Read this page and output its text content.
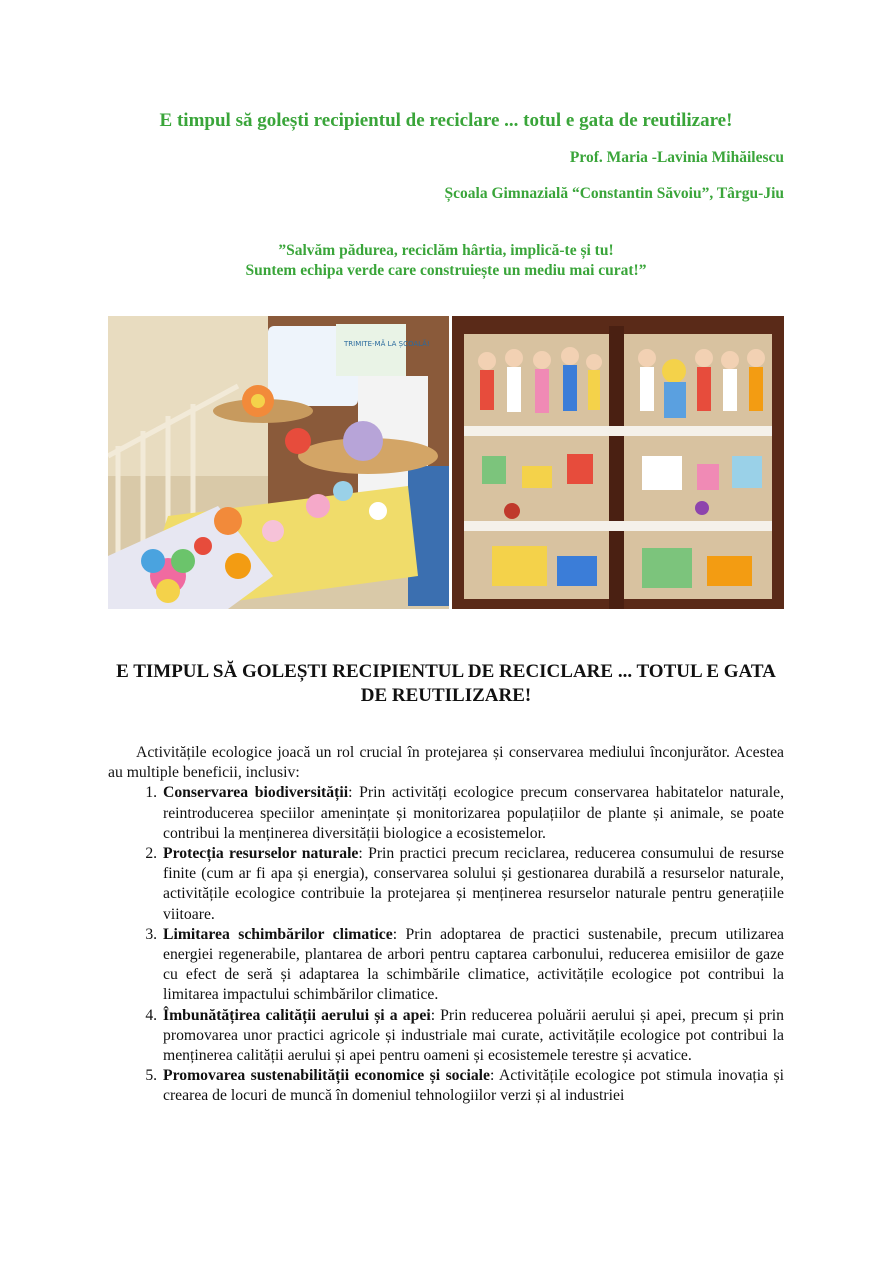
E timpul să golești recipientul de reciclare ... totul e gata de reutilizare!
Prof. Maria -Lavinia Mihăilescu
Școala Gimnazială “Constantin Săvoiu”, Târgu-Jiu
”Salvăm pădurea, reciclăm hârtia, implică-te și tu!
Suntem echipa verde care construiește un mediu mai curat!”
TRIMITE-MĂ LA ȘCOALĂ!
E TIMPUL SĂ GOLEȘTI RECIPIENTUL DE RECICLARE ... TOTUL E GATA DE REUTILIZARE!

Activitățile ecologice joacă un rol crucial în protejarea și conservarea mediului înconjurător. Acestea au multiple beneficii, inclusiv:

1. Conservarea biodiversității: Prin activități ecologice precum conservarea habitatelor naturale, reintroducerea speciilor amenințate și monitorizarea populațiilor de plante și animale, se poate contribui la menținerea diversității biologice a ecosistemelor.
2. Protecția resurselor naturale: Prin practici precum reciclarea, reducerea consumului de resurse finite (cum ar fi apa și energia), conservarea solului și gestionarea durabilă a resurselor naturale, activitățile ecologice contribuie la protejarea și menținerea resurselor naturale pentru generațiile viitoare.
3. Limitarea schimbărilor climatice: Prin adoptarea de practici sustenabile, precum utilizarea energiei regenerabile, plantarea de arbori pentru captarea carbonului, reducerea emisiilor de gaze cu efect de seră și adaptarea la schimbările climatice, activitățile ecologice pot contribui la limitarea impactului schimbărilor climatice.
4. Îmbunătățirea calității aerului și a apei: Prin reducerea poluării aerului și apei, precum și prin promovarea unor practici agricole și industriale mai curate, activitățile ecologice pot contribui la menținerea calității aerului și apei pentru oameni și ecosistemele terestre și acvatice.
5. Promovarea sustenabilității economice și sociale: Activitățile ecologice pot stimula inovația și crearea de locuri de muncă în domeniul tehnologiilor verzi și al industriei
